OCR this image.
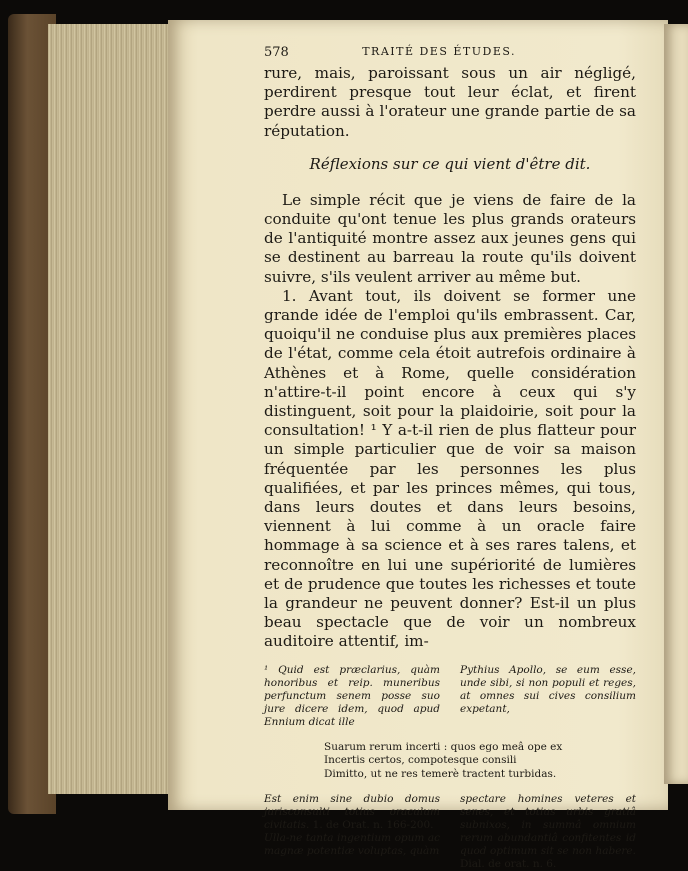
578	TRAITÉ DES ÉTUDES.

rure, mais, paroissant sous un air négligé, perdirent presque tout leur éclat, et firent perdre aussi à l'orateur une grande partie de sa réputation.

Réflexions sur ce qui vient d'être dit.

Le simple récit que je viens de faire de la conduite qu'ont tenue les plus grands orateurs de l'antiquité montre assez aux jeunes gens qui se destinent au barreau la route qu'ils doivent suivre, s'ils veulent arriver au même but.

1. Avant tout, ils doivent se former une grande idée de l'emploi qu'ils embrassent. Car, quoiqu'il ne conduise plus aux premières places de l'état, comme cela étoit autrefois ordinaire à Athènes et à Rome, quelle considération n'attire-t-il point encore à ceux qui s'y distinguent, soit pour la plaidoirie, soit pour la consultation! ¹ Y a-t-il rien de plus flatteur pour un simple particulier que de voir sa maison fréquentée par les personnes les plus qualifiées, et par les princes mêmes, qui tous, dans leurs doutes et dans leurs besoins, viennent à lui comme à un oracle faire hommage à sa science et à ses rares talens, et reconnoître en lui une supériorité de lumières et de prudence que toutes les richesses et toute la grandeur ne peuvent donner? Est-il un plus beau spectacle que de voir un nombreux auditoire attentif, im-

¹ Quid est præclarius, quàm honoribus et reip. muneribus perfunctum senem posse suo jure dicere idem, quod apud Ennium dicat ille
Pythius Apollo, se eum esse, unde sibi, si non populi et reges, at omnes sui cives consilium expetant,
Suarum rerum incerti : quos ego meâ ope ex
Incertis certos, compotesque consili
Dimitto, ut ne res temerè tractent turbidas.
Est enim sine dubio domus jurisconsulti totius oraculum civitatis. 1. de Orat. n. 166-200.
Ulla-ne tanta ingentium opum ac magnæ potentiæ voluptas, quàm
spectare homines veteres et senes, et totius urbis gratiâ subnixos, in summâ omnium rerum abundantiâ confitentes id quod optimum sit se non habere. Dial. de orat. n. 6.
